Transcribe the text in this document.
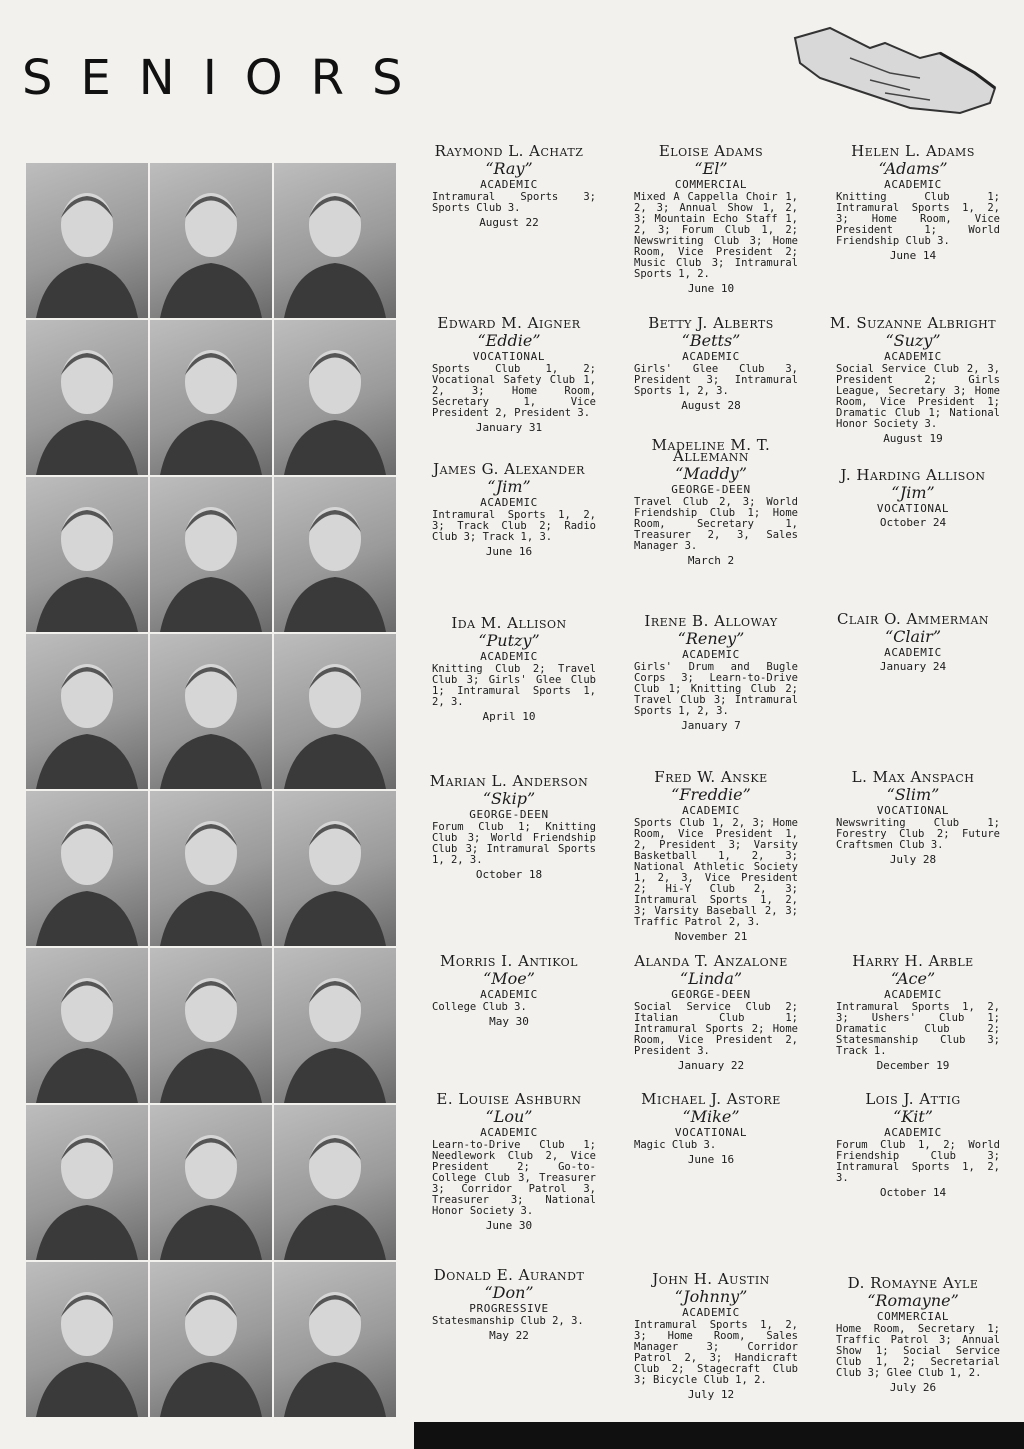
SENIORS
Raymond L. Achatz
“Ray”
ACADEMIC
Intramural Sports 3; Sports Club 3.
August 22
Eloise Adams
“El”
COMMERCIAL
Mixed A Cappella Choir 1, 2, 3; Annual Show 1, 2, 3; Mountain Echo Staff 1, 2, 3; Forum Club 1, 2; Newswriting Club 3; Home Room, Vice President 2; Music Club 3; Intramural Sports 1, 2.
June 10
Helen L. Adams
“Adams”
ACADEMIC
Knitting Club 1; Intramural Sports 1, 2, 3; Home Room, Vice President 1; World Friendship Club 3.
June 14
Edward M. Aigner
“Eddie”
VOCATIONAL
Sports Club 1, 2; Vocational Safety Club 1, 2, 3; Home Room, Secretary 1, Vice President 2, President 3.
January 31
Betty J. Alberts
“Betts”
ACADEMIC
Girls' Glee Club 3, President 3; Intramural Sports 1, 2, 3.
August 28
M. Suzanne Albright
“Suzy”
ACADEMIC
Social Service Club 2, 3, President 2; Girls League, Secretary 3; Home Room, Vice President 1; Dramatic Club 1; National Honor Society 3.
August 19
James G. Alexander
“Jim”
ACADEMIC
Intramural Sports 1, 2, 3; Track Club 2; Radio Club 3; Track 1, 3.
June 16
Madeline M. T. Allemann
“Maddy”
GEORGE-DEEN
Travel Club 2, 3; World Friendship Club 1; Home Room, Secretary 1, Treasurer 2, 3, Sales Manager 3.
March 2
J. Harding Allison
“Jim”
VOCATIONAL
October 24
Ida M. Allison
“Putzy”
ACADEMIC
Knitting Club 2; Travel Club 3; Girls' Glee Club 1; Intramural Sports 1, 2, 3.
April 10
Irene B. Alloway
“Reney”
ACADEMIC
Girls' Drum and Bugle Corps 3; Learn-to-Drive Club 1; Knitting Club 2; Travel Club 3; Intramural Sports 1, 2, 3.
January 7
Clair O. Ammerman
“Clair”
ACADEMIC
January 24
Marian L. Anderson
“Skip”
GEORGE-DEEN
Forum Club 1; Knitting Club 3; World Friendship Club 3; Intramural Sports 1, 2, 3.
October 18
Fred W. Anske
“Freddie”
ACADEMIC
Sports Club 1, 2, 3; Home Room, Vice President 1, 2, President 3; Varsity Basketball 1, 2, 3; National Athletic Society 1, 2, 3, Vice President 2; Hi-Y Club 2, 3; Intramural Sports 1, 2, 3; Varsity Baseball 2, 3; Traffic Patrol 2, 3.
November 21
L. Max Anspach
“Slim”
VOCATIONAL
Newswriting Club 1; Forestry Club 2; Future Craftsmen Club 3.
July 28
Morris I. Antikol
“Moe”
ACADEMIC
College Club 3.
May 30
Alanda T. Anzalone
“Linda”
GEORGE-DEEN
Social Service Club 2; Italian Club 1; Intramural Sports 2; Home Room, Vice President 2, President 3.
January 22
Harry H. Arble
“Ace”
ACADEMIC
Intramural Sports 1, 2, 3; Ushers' Club 1; Dramatic Club 2; Statesmanship Club 3; Track 1.
December 19
E. Louise Ashburn
“Lou”
ACADEMIC
Learn-to-Drive Club 1; Needlework Club 2, Vice President 2; Go-to-College Club 3, Treasurer 3; Corridor Patrol 3, Treasurer 3; National Honor Society 3.
June 30
Michael J. Astore
“Mike”
VOCATIONAL
Magic Club 3.
June 16
Lois J. Attig
“Kit”
ACADEMIC
Forum Club 1, 2; World Friendship Club 3; Intramural Sports 1, 2, 3.
October 14
Donald E. Aurandt
“Don”
PROGRESSIVE
Statesmanship Club 2, 3.
May 22
John H. Austin
“Johnny”
ACADEMIC
Intramural Sports 1, 2, 3; Home Room, Sales Manager 3; Corridor Patrol 2, 3; Handicraft Club 2; Stagecraft Club 3; Bicycle Club 1, 2.
July 12
D. Romayne Ayle
“Romayne”
COMMERCIAL
Home Room, Secretary 1; Traffic Patrol 3; Annual Show 1; Social Service Club 1, 2; Secretarial Club 3; Glee Club 1, 2.
July 26
